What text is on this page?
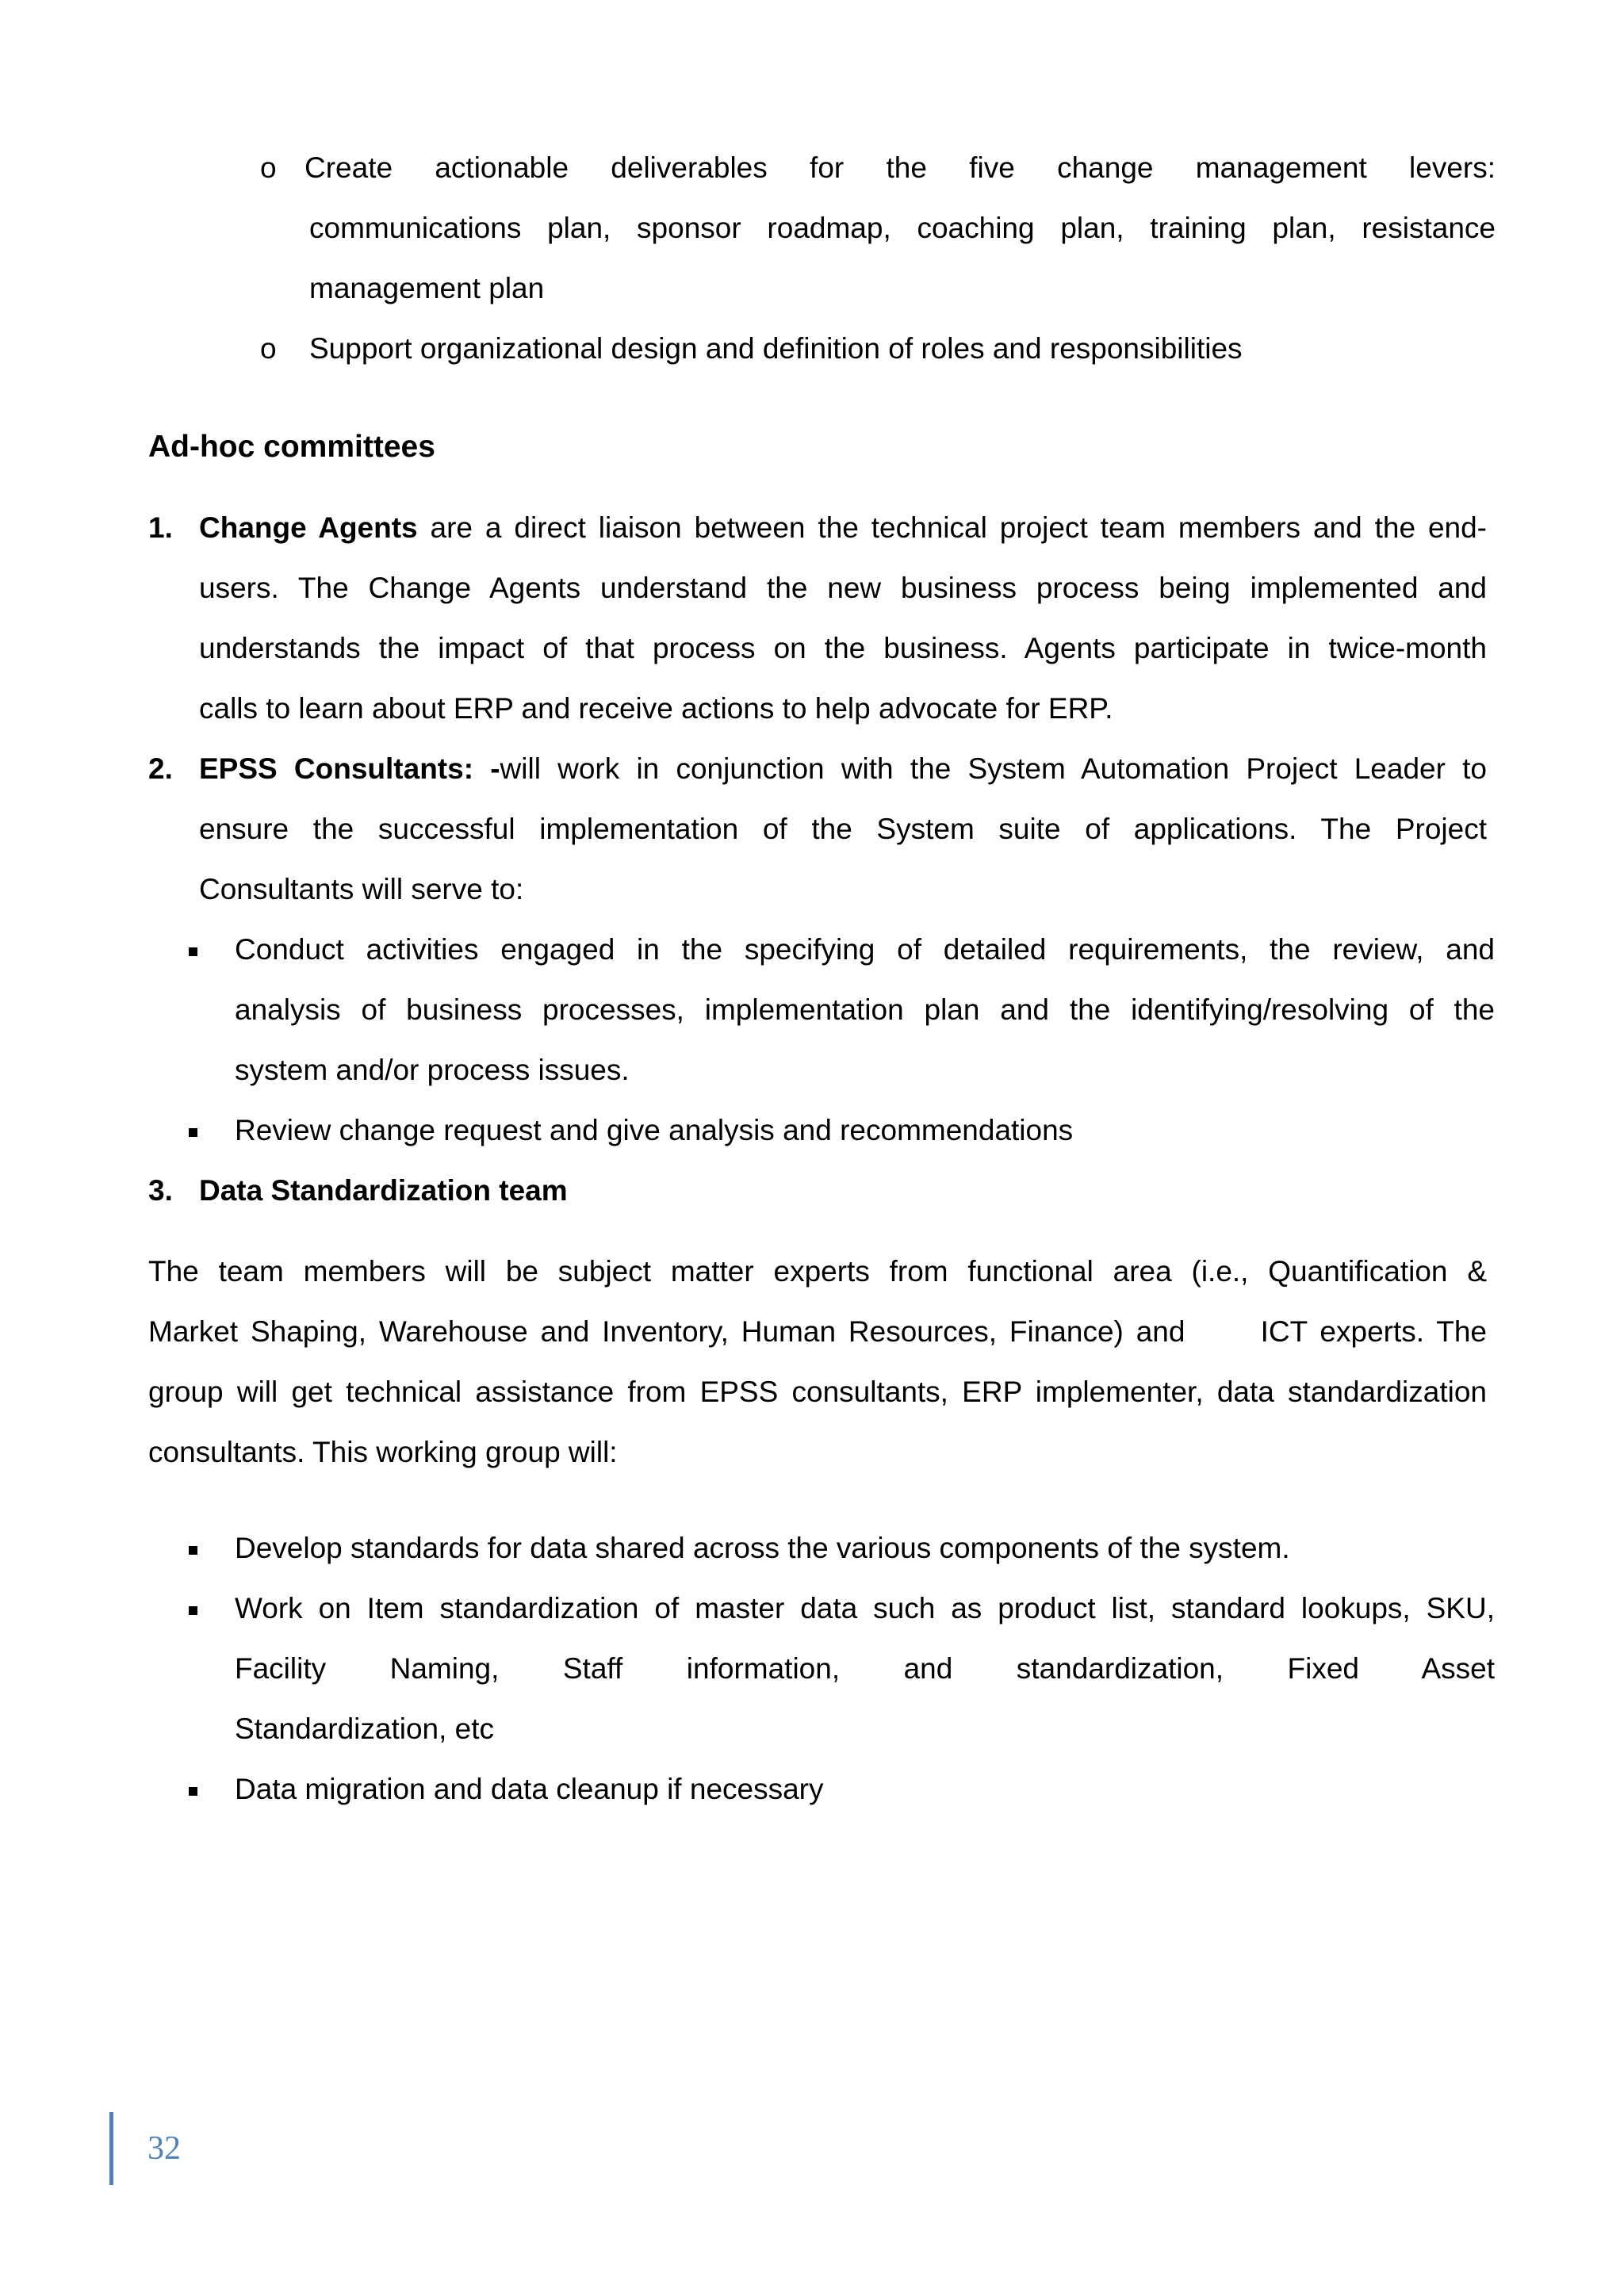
o Create actionable deliverables for the five change management levers:
communications plan, sponsor roadmap, coaching plan, training plan, resistance
management plan
o Support organizational design and definition of roles and responsibilities
Ad-hoc committees
1. Change Agents are a direct liaison between the technical project team members and the end-
users. The Change Agents understand the new business process being implemented and
understands the impact of that process on the business. Agents participate in twice-month
calls to learn about ERP and receive actions to help advocate for ERP.
2. EPSS Consultants: -will work in conjunction with the System Automation Project Leader to
ensure the successful implementation of the System suite of applications. The Project
Consultants will serve to:
Conduct activities engaged in the specifying of detailed requirements, the review, and
analysis of business processes, implementation plan and the identifying/resolving of the
system and/or process issues.
Review change request and give analysis and recommendations
3. Data Standardization team
The team members will be subject matter experts from functional area (i.e., Quantification &
Market Shaping, Warehouse and Inventory, Human Resources, Finance) and      ICT experts. The
group will get technical assistance from EPSS consultants, ERP implementer, data standardization
consultants. This working group will:
Develop standards for data shared across the various components of the system.
Work on Item standardization of master data such as product list, standard lookups, SKU,
Facility Naming, Staff information, and standardization, Fixed Asset
Standardization, etc
Data migration and data cleanup if necessary
32
